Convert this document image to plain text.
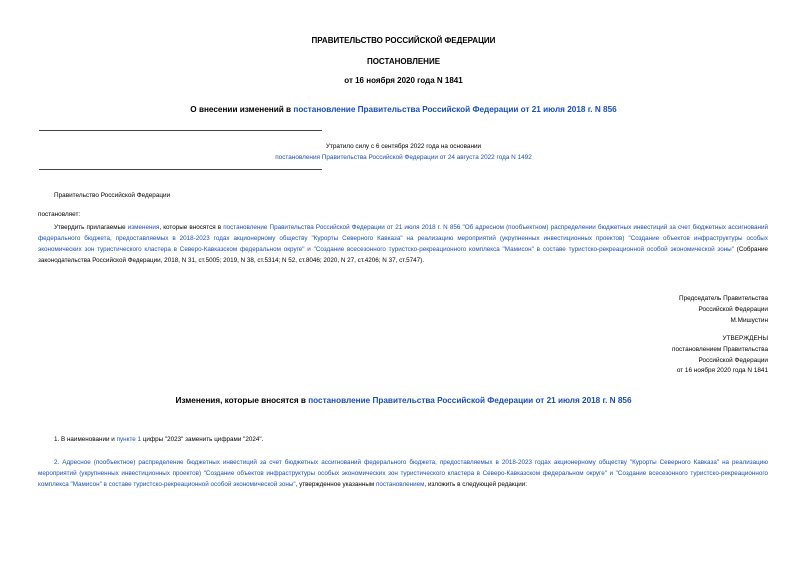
ПРАВИТЕЛЬСТВО РОССИЙСКОЙ ФЕДЕРАЦИИ
ПОСТАНОВЛЕНИЕ
от 16 ноября 2020 года N 1841
О внесении изменений в постановление Правительства Российской Федерации от 21 июля 2018 г. N 856
Утратило силу с 6 сентября 2022 года на основании
постановления Правительства Российской Федерации от 24 августа 2022 года N 1492
Правительство Российской Федерации
постановляет:
Утвердить прилагаемые изменения, которые вносятся в постановление Правительства Российской Федерации от 21 июля 2018 г. N 856 "Об адресном (пообъектном) распределении бюджетных инвестиций за счет бюджетных ассигнований федерального бюджета, предоставляемых в 2018-2023 годах акционерному обществу "Курорты Северного Кавказа" на реализацию мероприятий (укрупненных инвестиционных проектов) "Создание объектов инфраструктуры особых экономических зон туристического кластера в Северо-Кавказском федеральном округе" и "Создание всесезонного туристско-рекреационного комплекса "Мамисон" в составе туристско-рекреационной особой экономической зоны" (Собрание законодательства Российской Федерации, 2018, N 31, ст.5005; 2019, N 38, ст.5314; N 52, ст.8046; 2020, N 27, ст.4206; N 37, ст.5747).
Председатель Правительства
Российской Федерации
М.Мишустин
УТВЕРЖДЕНЫ
постановлением Правительства
Российской Федерации
от 16 ноября 2020 года N 1841
Изменения, которые вносятся в постановление Правительства Российской Федерации от 21 июля 2018 г. N 856
1. В наименовании и пункте 1 цифры "2023" заменить цифрами "2024".
2. Адресное (пообъектное) распределение бюджетных инвестиций за счет бюджетных ассигнований федерального бюджета, предоставляемых в 2018-2023 годах акционерному обществу "Курорты Северного Кавказа" на реализацию мероприятий (укрупненных инвестиционных проектов) "Создание объектов инфраструктуры особых экономических зон туристического кластера в Северо-Кавказском федеральном округе" и "Создание всесезонного туристско-рекреационного комплекса "Мамисон" в составе туристско-рекреационной особой экономической зоны", утвержденное указанным постановлением, изложить в следующей редакции:
